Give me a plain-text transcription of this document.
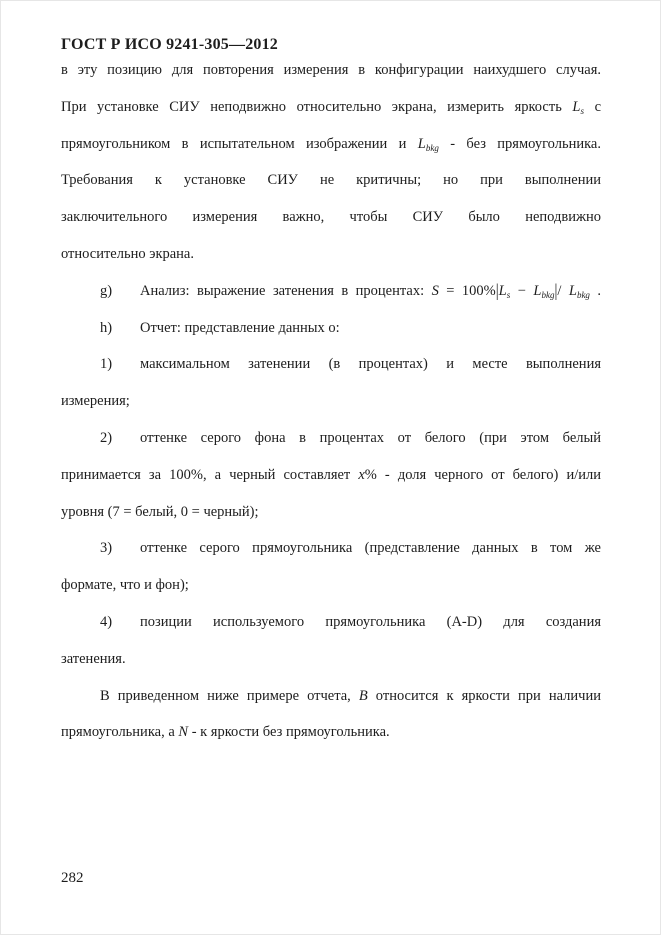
ГОСТ Р ИСО 9241-305—2012
в эту позицию для повторения измерения в конфигурации наихудшего случая.
При установке СИУ неподвижно относительно экрана, измерить яркость $L_s$ с
прямоугольником в испытательном изображении и $L_{bkg}$ - без прямоугольника.
Требования к установке СИУ не критичны; но при выполнении
заключительного измерения важно, чтобы СИУ было неподвижно
относительно экрана.
g) Анализ: выражение затенения в процентах: $S = 100\%|L_s - L_{bkg}|/$ $L_{bkg}$ .
h) Отчет: представление данных о:
1) максимальном затенении (в процентах) и месте выполнения
измерения;
2) оттенке серого фона в процентах от белого (при этом белый
принимается за 100%, а черный составляет x% - доля черного от белого) и/или
уровня (7 = белый, 0 = черный);
3) оттенке серого прямоугольника (представление данных в том же
формате, что и фон);
4) позиции используемого прямоугольника (A-D) для создания
затенения.
В приведенном ниже примере отчета, B относится к яркости при наличии
прямоугольника, а N - к яркости без прямоугольника.
282
